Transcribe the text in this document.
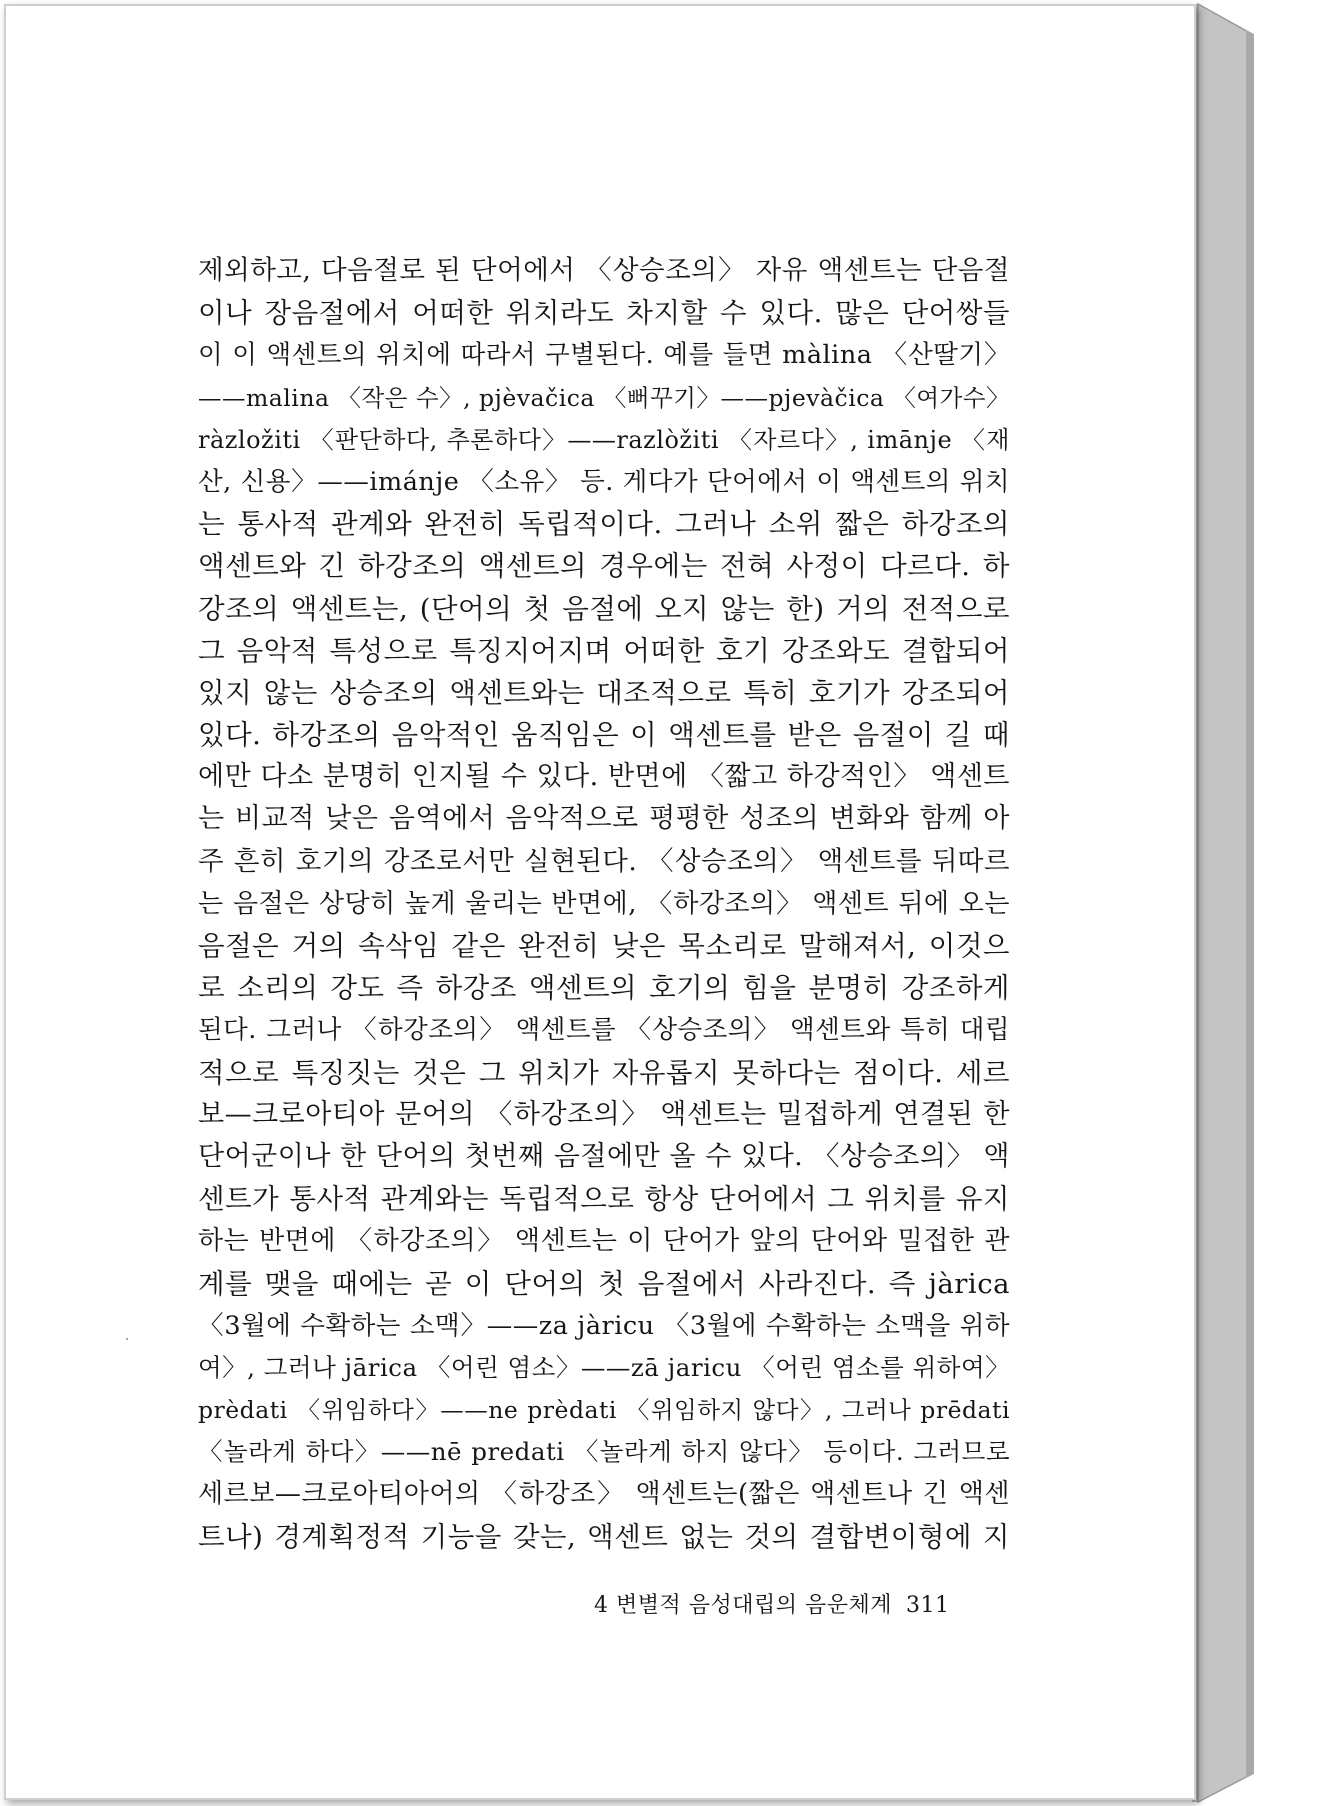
제외하고, 다음절로 된 단어에서 〈상승조의〉 자유 액센트는 단음절
이나 장음절에서 어떠한 위치라도 차지할 수 있다. 많은 단어쌍들
이 이 액센트의 위치에 따라서 구별된다. 예를 들면 màlina 〈산딸기〉
——malina 〈작은 수〉, pjèvačica 〈뻐꾸기〉——pjevàčica 〈여가수〉
ràzložiti 〈판단하다, 추론하다〉——razlòžiti 〈자르다〉, imānje 〈재
산, 신용〉——imánje 〈소유〉 등. 게다가 단어에서 이 액센트의 위치
는 통사적 관계와 완전히 독립적이다. 그러나 소위 짧은 하강조의
액센트와 긴 하강조의 액센트의 경우에는 전혀 사정이 다르다. 하
강조의 액센트는, (단어의 첫 음절에 오지 않는 한) 거의 전적으로
그 음악적 특성으로 특징지어지며 어떠한 호기 강조와도 결합되어
있지 않는 상승조의 액센트와는 대조적으로 특히 호기가 강조되어
있다. 하강조의 음악적인 움직임은 이 액센트를 받은 음절이 길 때
에만 다소 분명히 인지될 수 있다. 반면에 〈짧고 하강적인〉 액센트
는 비교적 낮은 음역에서 음악적으로 평평한 성조의 변화와 함께 아
주 흔히 호기의 강조로서만 실현된다. 〈상승조의〉 액센트를 뒤따르
는 음절은 상당히 높게 울리는 반면에, 〈하강조의〉 액센트 뒤에 오는
음절은 거의 속삭임 같은 완전히 낮은 목소리로 말해져서, 이것으
로 소리의 강도 즉 하강조 액센트의 호기의 힘을 분명히 강조하게
된다. 그러나 〈하강조의〉 액센트를 〈상승조의〉 액센트와 특히 대립
적으로 특징짓는 것은 그 위치가 자유롭지 못하다는 점이다. 세르
보—크로아티아 문어의 〈하강조의〉 액센트는 밀접하게 연결된 한
단어군이나 한 단어의 첫번째 음절에만 올 수 있다. 〈상승조의〉 액
센트가 통사적 관계와는 독립적으로 항상 단어에서 그 위치를 유지
하는 반면에 〈하강조의〉 액센트는 이 단어가 앞의 단어와 밀접한 관
계를 맺을 때에는 곧 이 단어의 첫 음절에서 사라진다. 즉 jàrica
〈3월에 수확하는 소맥〉——za jàricu 〈3월에 수확하는 소맥을 위하
여〉, 그러나 jārica 〈어린 염소〉——zā jaricu 〈어린 염소를 위하여〉
prèdati 〈위임하다〉——ne prèdati 〈위임하지 않다〉, 그러나 prēdati
〈놀라게 하다〉——nē predati 〈놀라게 하지 않다〉 등이다. 그러므로
세르보—크로아티아어의 〈하강조〉 액센트는(짧은 액센트나 긴 액센
트나) 경계획정적 기능을 갖는, 액센트 없는 것의 결합변이형에 지
4 변별적 음성대립의 음운체계 311
